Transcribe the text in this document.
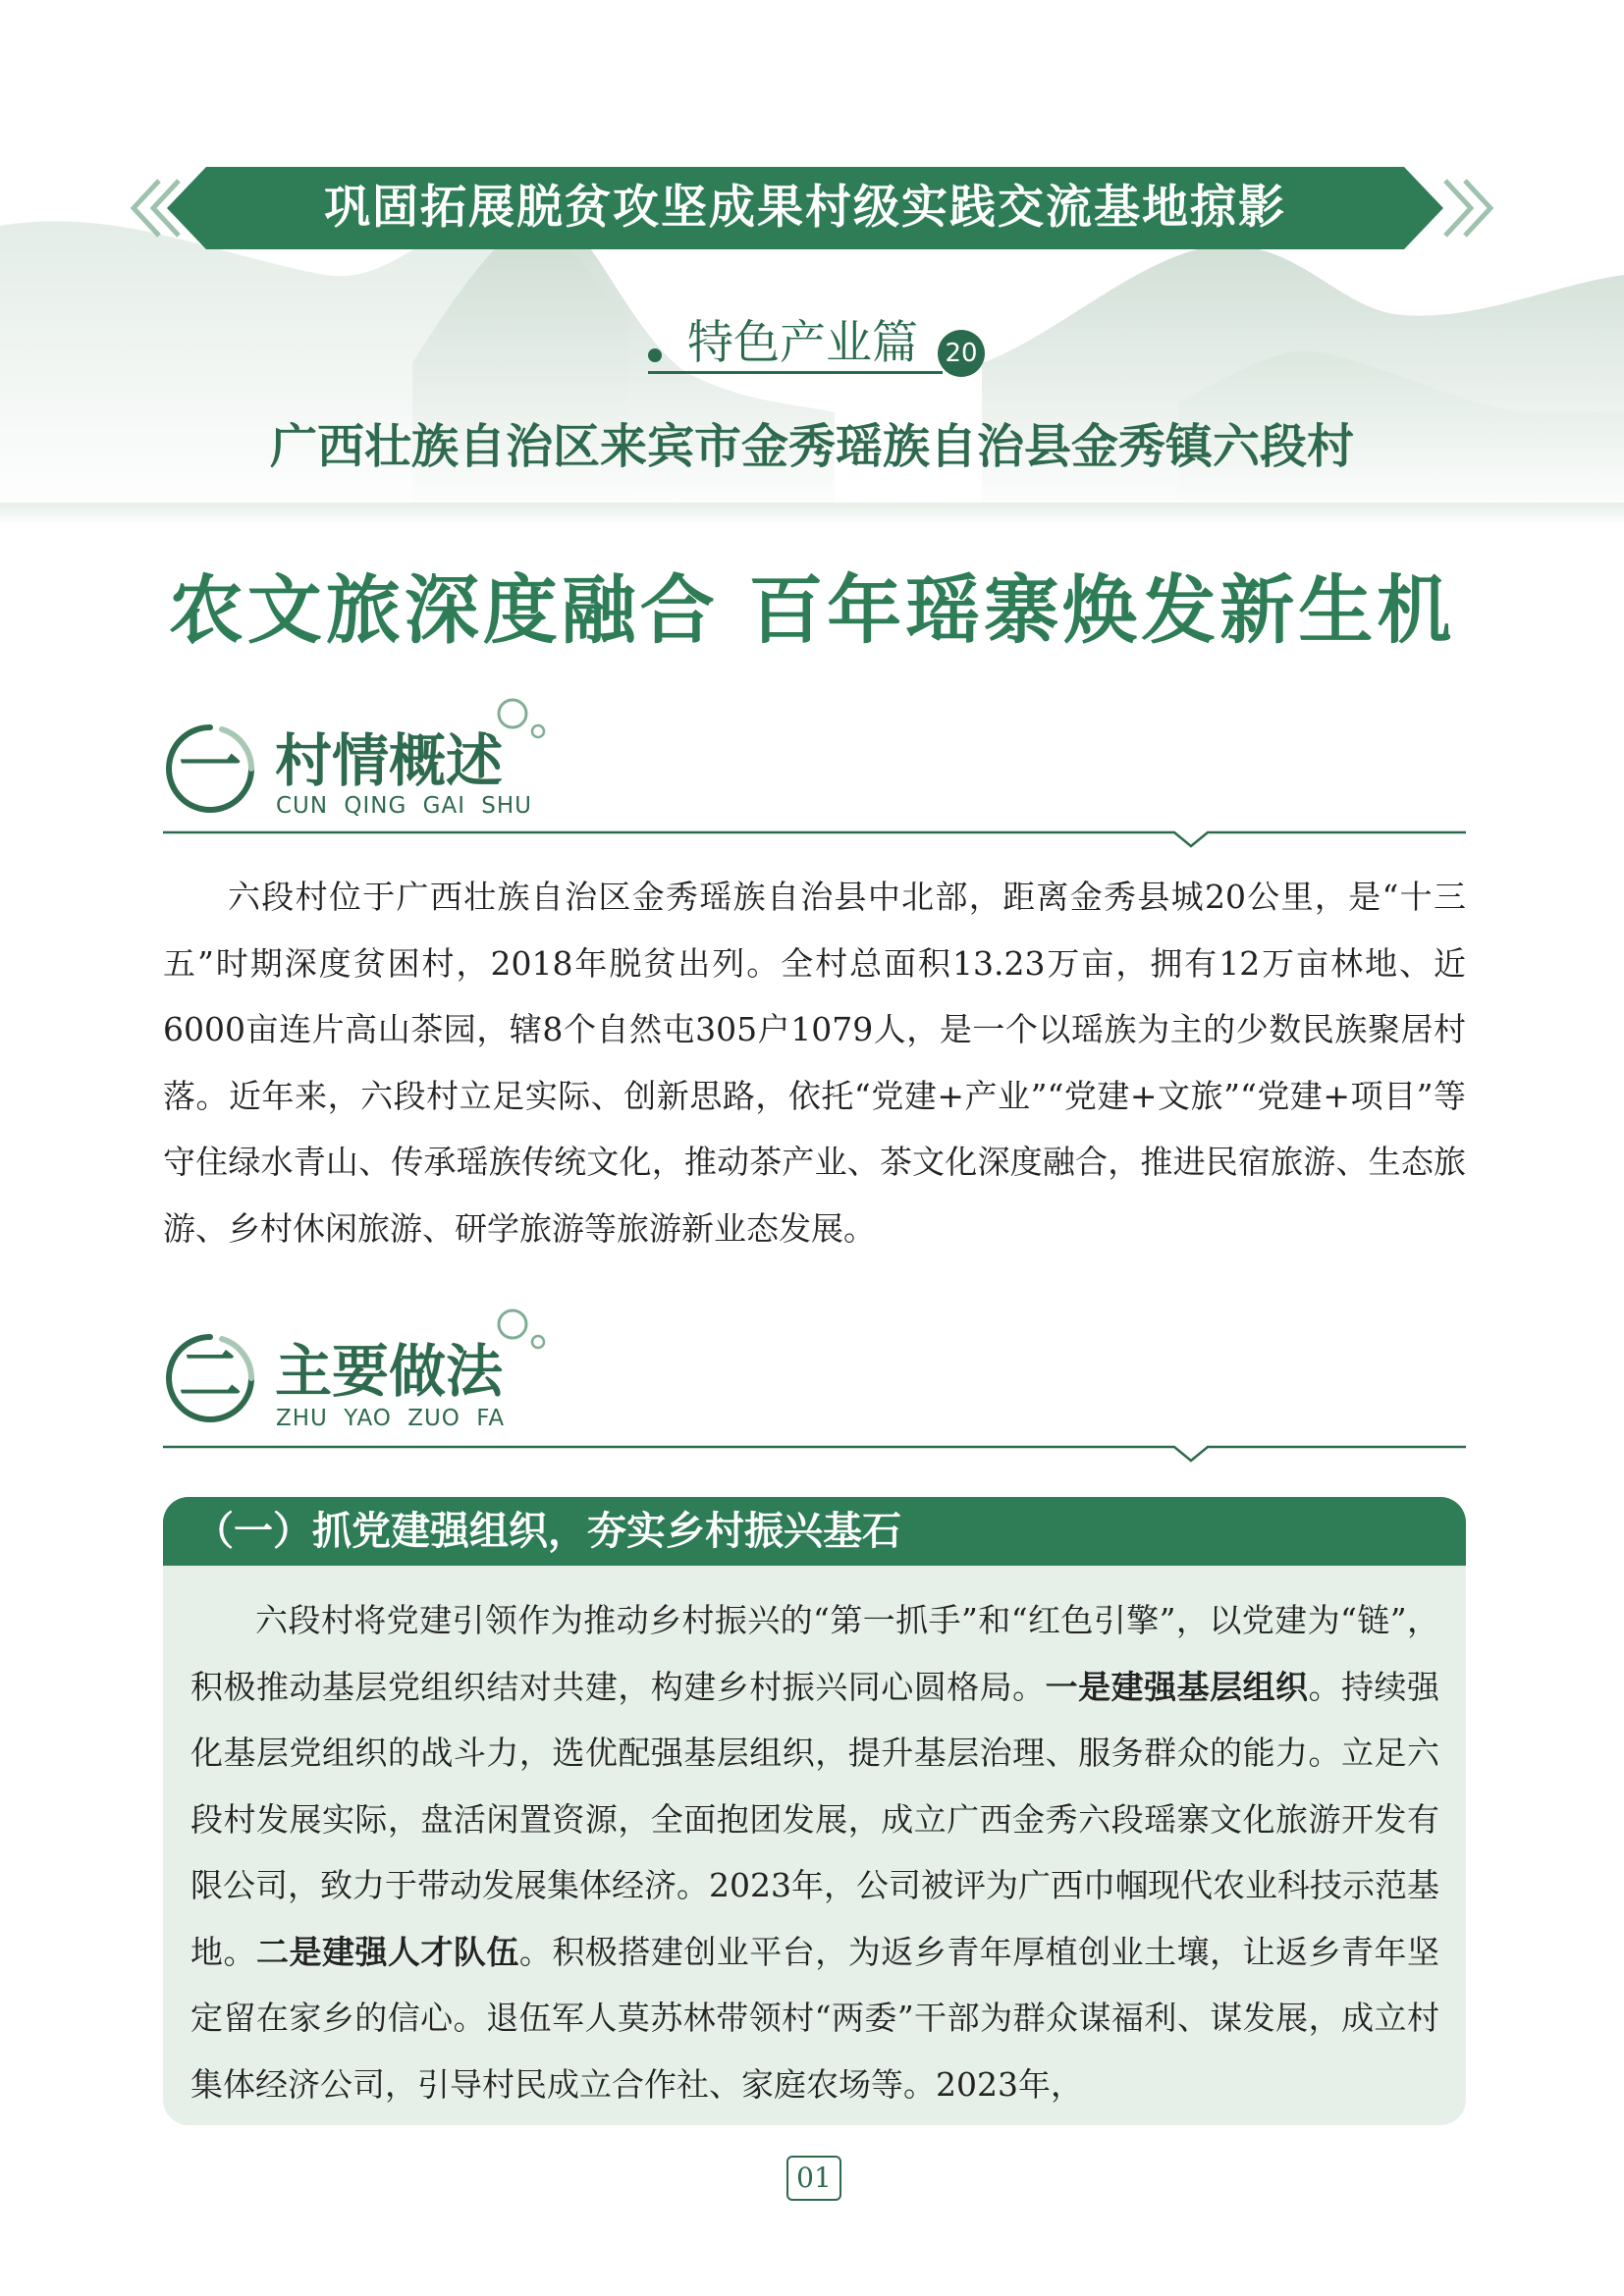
巩固拓展脱贫攻坚成果村级实践交流基地掠影
特色产业篇 20
广西壮族自治区来宾市金秀瑶族自治县金秀镇六段村
农文旅深度融合 百年瑶寨焕发新生机
一 村情概述
CUN QING GAI SHU

六段村位于广西壮族自治区金秀瑶族自治县中北部，距离金秀县城20公里，是“十三五”时期深度贫困村，2018年脱贫出列。全村总面积13.23万亩，拥有12万亩林地、近6000亩连片高山茶园，辖8个自然屯305户1079人，是一个以瑶族为主的少数民族聚居村落。近年来，六段村立足实际、创新思路，依托“党建+产业”“党建+文旅”“党建+项目”等守住绿水青山、传承瑶族传统文化，推动茶产业、茶文化深度融合，推进民宿旅游、生态旅游、乡村休闲旅游、研学旅游等旅游新业态发展。

二 主要做法
ZHU YAO ZUO FA
（一）抓党建强组织，夯实乡村振兴基石

六段村将党建引领作为推动乡村振兴的“第一抓手”和“红色引擎”，以党建为“链”，积极推动基层党组织结对共建，构建乡村振兴同心圆格局。一是建强基层组织。持续强化基层党组织的战斗力，选优配强基层组织，提升基层治理、服务群众的能力。立足六段村发展实际，盘活闲置资源，全面抱团发展，成立广西金秀六段瑶寨文化旅游开发有限公司，致力于带动发展集体经济。2023年，公司被评为广西巾帼现代农业科技示范基地。二是建强人才队伍。积极搭建创业平台，为返乡青年厚植创业土壤，让返乡青年坚定留在家乡的信心。退伍军人莫苏林带领村“两委”干部为群众谋福利、谋发展，成立村集体经济公司，引导村民成立合作社、家庭农场等。2023年，

01
